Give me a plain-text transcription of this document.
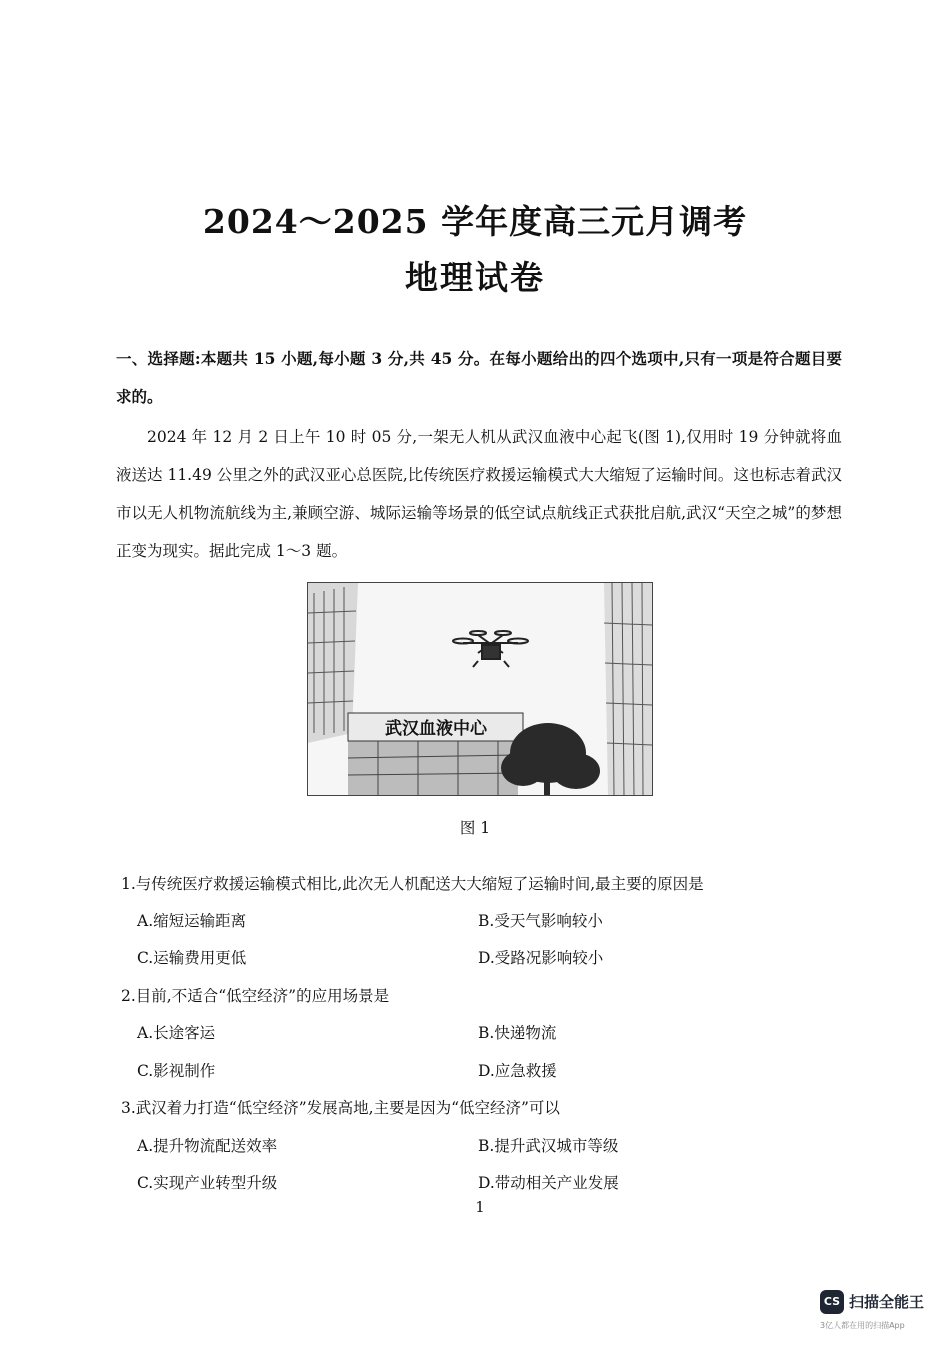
2024～2025 学年度高三元月调考
地理试卷
一、选择题:本题共 15 小题,每小题 3 分,共 45 分。在每小题给出的四个选项中,只有一项是符合题目要求的。
2024 年 12 月 2 日上午 10 时 05 分,一架无人机从武汉血液中心起飞(图 1),仅用时 19 分钟就将血液送达 11.49 公里之外的武汉亚心总医院,比传统医疗救援运输模式大大缩短了运输时间。这也标志着武汉市以无人机物流航线为主,兼顾空游、城际运输等场景的低空试点航线正式获批启航,武汉“天空之城”的梦想正变为现实。据此完成 1～3 题。
武汉血液中心
图 1
1.与传统医疗救援运输模式相比,此次无人机配送大大缩短了运输时间,最主要的原因是
A.缩短运输距离	B.受天气影响较小
C.运输费用更低	D.受路况影响较小
2.目前,不适合“低空经济”的应用场景是
A.长途客运	B.快递物流
C.影视制作	D.应急救援
3.武汉着力打造“低空经济”发展高地,主要是因为“低空经济”可以
A.提升物流配送效率	B.提升武汉城市等级
C.实现产业转型升级	D.带动相关产业发展
1
CS 扫描全能王
3亿人都在用的扫描App
